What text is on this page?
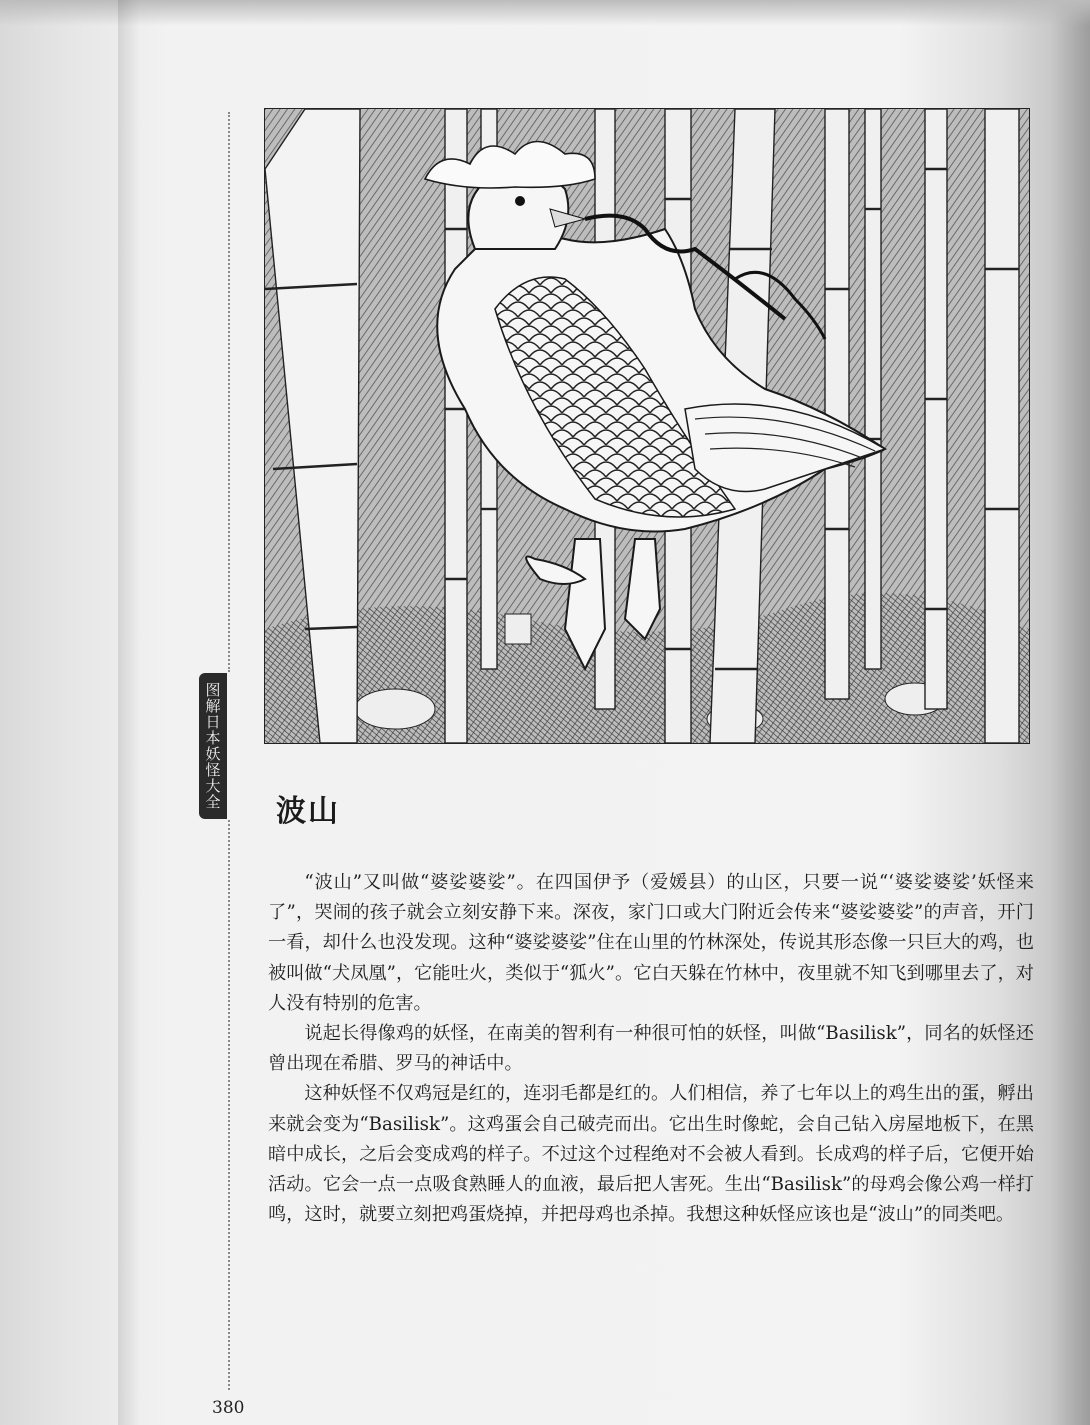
图解日本妖怪大全
波山

“波山”又叫做“婆娑婆娑”。在四国伊予（爱媛县）的山区，只要一说“‘婆娑婆娑’妖怪来了”，哭闹的孩子就会立刻安静下来。深夜，家门口或大门附近会传来“婆娑婆娑”的声音，开门一看，却什么也没发现。这种“婆娑婆娑”住在山里的竹林深处，传说其形态像一只巨大的鸡，也被叫做“犬凤凰”，它能吐火，类似于“狐火”。它白天躲在竹林中，夜里就不知飞到哪里去了，对人没有特别的危害。

说起长得像鸡的妖怪，在南美的智利有一种很可怕的妖怪，叫做“Basilisk”，同名的妖怪还曾出现在希腊、罗马的神话中。

这种妖怪不仅鸡冠是红的，连羽毛都是红的。人们相信，养了七年以上的鸡生出的蛋，孵出来就会变为“Basilisk”。这鸡蛋会自己破壳而出。它出生时像蛇，会自己钻入房屋地板下，在黑暗中成长，之后会变成鸡的样子。不过这个过程绝对不会被人看到。长成鸡的样子后，它便开始活动。它会一点一点吸食熟睡人的血液，最后把人害死。生出“Basilisk”的母鸡会像公鸡一样打鸣，这时，就要立刻把鸡蛋烧掉，并把母鸡也杀掉。我想这种妖怪应该也是“波山”的同类吧。

380
